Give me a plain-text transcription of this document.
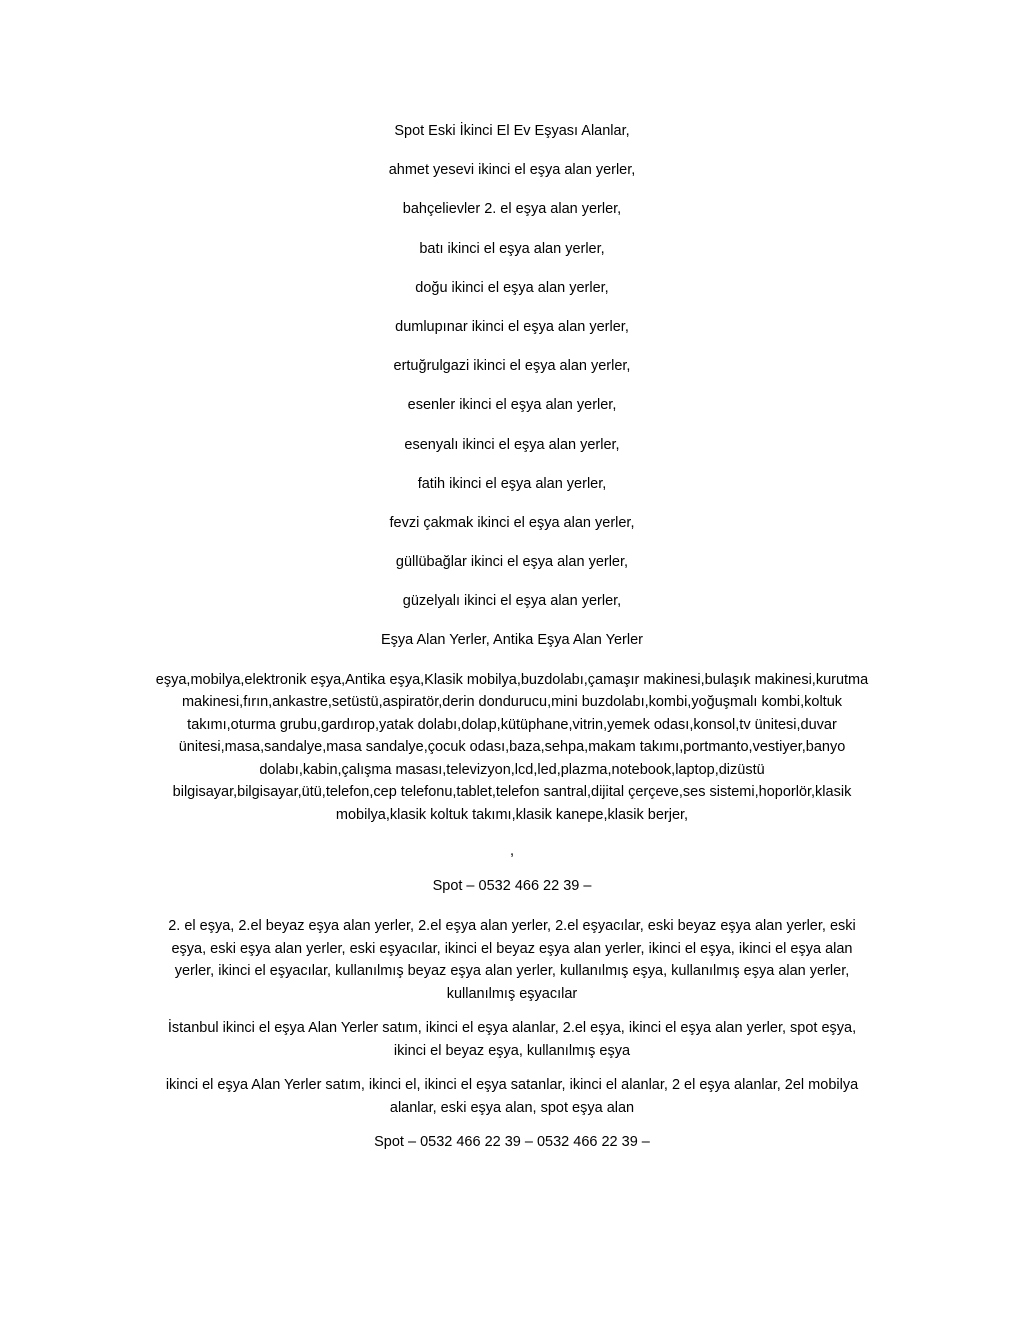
Spot Eski İkinci El Ev Eşyası Alanlar,

ahmet yesevi ikinci el eşya alan yerler,

bahçelievler 2. el eşya alan yerler,

batı ikinci el eşya alan yerler,

doğu ikinci el eşya alan yerler,

dumlupınar ikinci el eşya alan yerler,

ertuğrulgazi ikinci el eşya alan yerler,

esenler ikinci el eşya alan yerler,

esenyalı ikinci el eşya alan yerler,

fatih ikinci el eşya alan yerler,

fevzi çakmak ikinci el eşya alan yerler,

güllübağlar ikinci el eşya alan yerler,

güzelyalı ikinci el eşya alan yerler,

Eşya Alan Yerler, Antika Eşya Alan Yerler

eşya,mobilya,elektronik eşya,Antika eşya,Klasik mobilya,buzdolabı,çamaşır makinesi,bulaşık makinesi,kurutma makinesi,fırın,ankastre,setüstü,aspiratör,derin dondurucu,mini buzdolabı,kombi,yoğuşmalı kombi,koltuk takımı,oturma grubu,gardırop,yatak dolabı,dolap,kütüphane,vitrin,yemek odası,konsol,tv ünitesi,duvar ünitesi,masa,sandalye,masa sandalye,çocuk odası,baza,sehpa,makam takımı,portmanto,vestiyer,banyo dolabı,kabin,çalışma masası,televizyon,lcd,led,plazma,notebook,laptop,dizüstü bilgisayar,bilgisayar,ütü,telefon,cep telefonu,tablet,telefon santral,dijital çerçeve,ses sistemi,hoporlör,klasik mobilya,klasik koltuk takımı,klasik kanepe,klasik berjer,

,

Spot – 0532 466 22 39 –

2. el eşya, 2.el beyaz eşya alan yerler, 2.el eşya alan yerler, 2.el eşyacılar, eski beyaz eşya alan yerler, eski eşya, eski eşya alan yerler, eski eşyacılar, ikinci el beyaz eşya alan yerler, ikinci el eşya, ikinci el eşya alan yerler, ikinci el eşyacılar, kullanılmış beyaz eşya alan yerler, kullanılmış eşya, kullanılmış eşya alan yerler, kullanılmış eşyacılar

İstanbul ikinci el eşya Alan Yerler satım, ikinci el eşya alanlar, 2.el eşya, ikinci el eşya alan yerler, spot eşya, ikinci el beyaz eşya, kullanılmış eşya

ikinci el eşya Alan Yerler satım, ikinci el, ikinci el eşya satanlar, ikinci el alanlar, 2 el eşya alanlar, 2el mobilya alanlar, eski eşya alan, spot eşya alan

Spot – 0532 466 22 39 – 0532 466 22 39 –
